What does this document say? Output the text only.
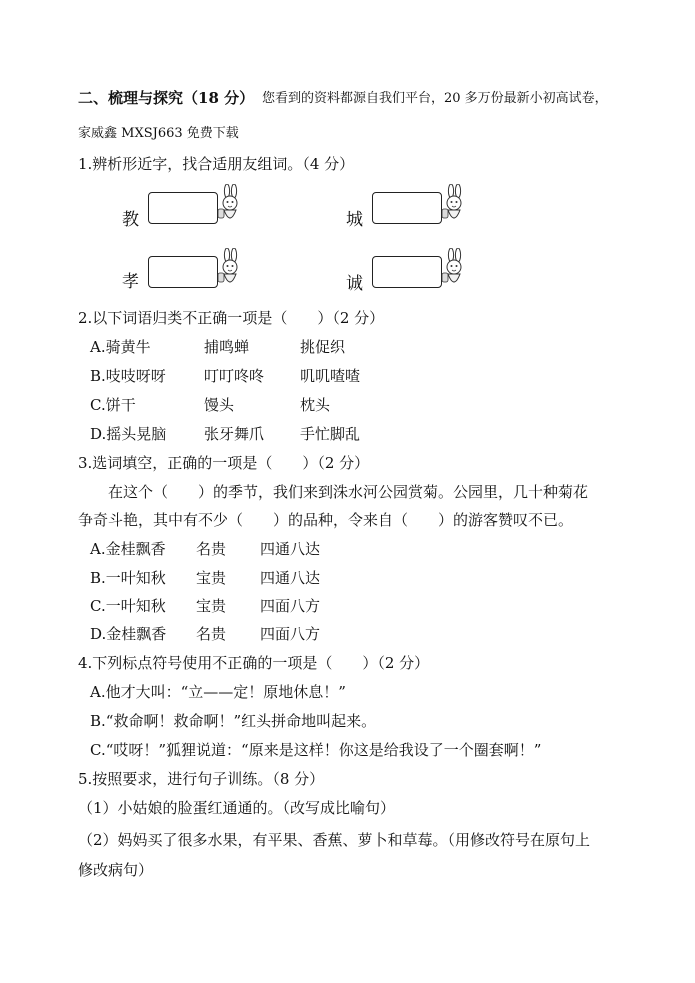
二、梳理与探究（18 分） 您看到的资料都源自我们平台，20 多万份最新小初高试卷，
家威鑫 MXSJ663 免费下载
1.辨析形近字，找合适朋友组词。（4 分）
教	城
孝	诚
2.以下词语归类不正确一项是（　　）（2 分）
A.骑黄牛	捕鸣蝉	挑促织
B.吱吱呀呀	叮叮咚咚 叽叽喳喳
C.饼干	馒头	枕头
D.摇头晃脑	张牙舞爪 手忙脚乱
3.选词填空，正确的一项是（　　）（2 分）
在这个（　　）的季节，我们来到洙水河公园赏菊。公园里，几十种菊花
争奇斗艳，其中有不少（　　）的品种，令来自（　　）的游客赞叹不已。
A.金桂飘香 名贵 四通八达
B.一叶知秋 宝贵 四通八达
C.一叶知秋 宝贵 四面八方
D.金桂飘香 名贵 四面八方
4.下列标点符号使用不正确的一项是（　　）（2 分）
A.他才大叫：“立——定！原地休息！”
B.“救命啊！救命啊！”红头拼命地叫起来。
C.“哎呀！”狐狸说道：“原来是这样！你这是给我设了一个圈套啊！”
5.按照要求，进行句子训练。（8 分）
（1）小姑娘的脸蛋红通通的。（改写成比喻句）
（2）妈妈买了很多水果，有平果、香蕉、萝卜和草莓。（用修改符号在原句上
修改病句）
